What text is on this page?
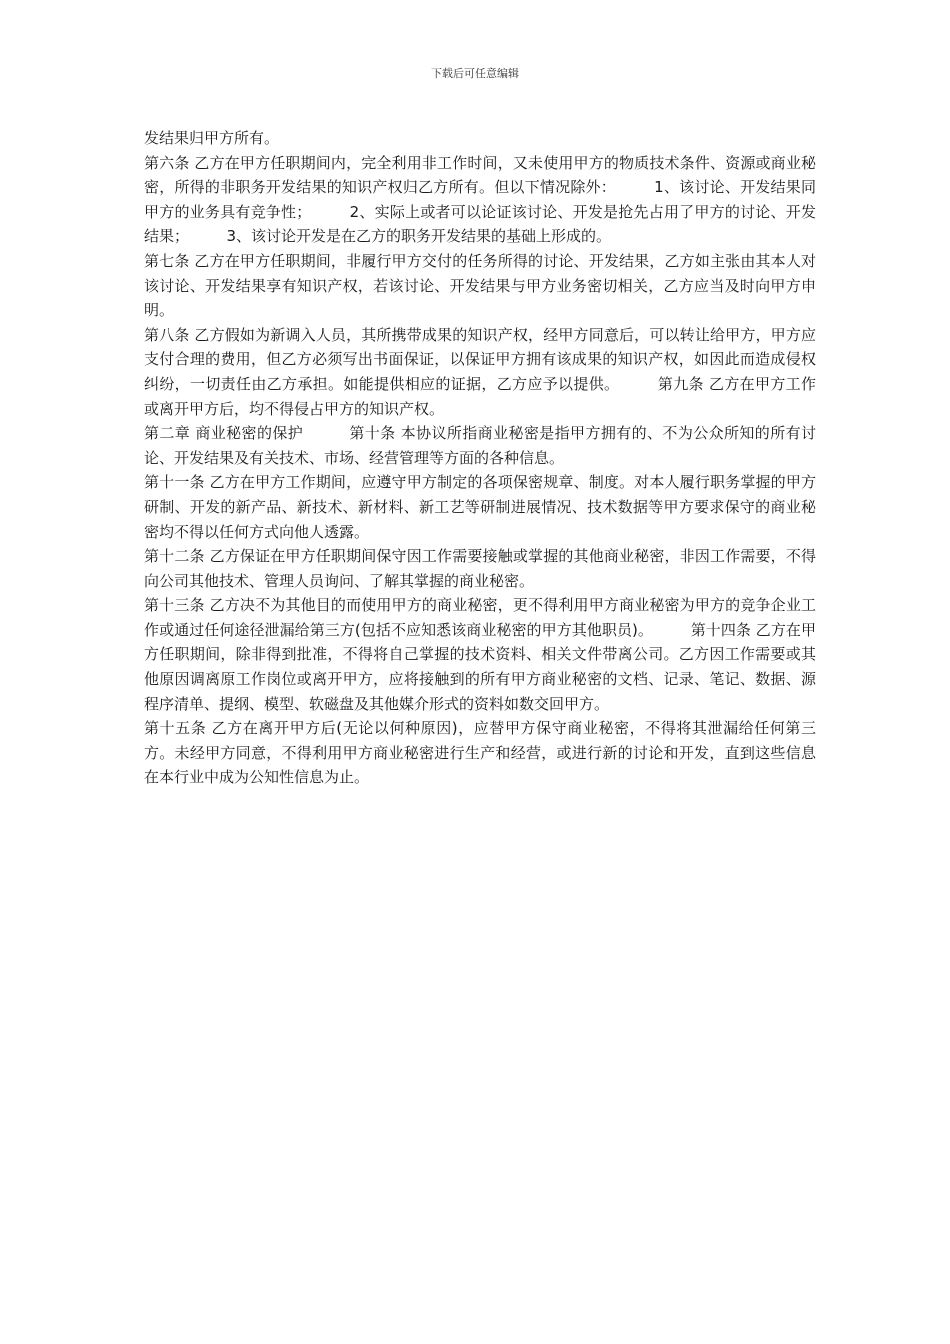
下载后可任意编辑

发结果归甲方所有。

第六条 乙方在甲方任职期间内，完全利用非工作时间，又未使用甲方的物质技术条件、资源或商业秘密，所得的非职务开发结果的知识产权归乙方所有。但以下情况除外：　　　1、该讨论、开发结果同甲方的业务具有竞争性；　　　2、实际上或者可以论证该讨论、开发是抢先占用了甲方的讨论、开发结果；　　　3、该讨论开发是在乙方的职务开发结果的基础上形成的。

第七条 乙方在甲方任职期间，非履行甲方交付的任务所得的讨论、开发结果，乙方如主张由其本人对该讨论、开发结果享有知识产权，若该讨论、开发结果与甲方业务密切相关，乙方应当及时向甲方申明。

第八条 乙方假如为新调入人员，其所携带成果的知识产权，经甲方同意后，可以转让给甲方，甲方应支付合理的费用，但乙方必须写出书面保证，以保证甲方拥有该成果的知识产权，如因此而造成侵权纠纷，一切责任由乙方承担。如能提供相应的证据，乙方应予以提供。　　　第九条 乙方在甲方工作或离开甲方后，均不得侵占甲方的知识产权。

第二章 商业秘密的保护　　　第十条 本协议所指商业秘密是指甲方拥有的、不为公众所知的所有讨论、开发结果及有关技术、市场、经营管理等方面的各种信息。

第十一条 乙方在甲方工作期间，应遵守甲方制定的各项保密规章、制度。对本人履行职务掌握的甲方研制、开发的新产品、新技术、新材料、新工艺等研制进展情况、技术数据等甲方要求保守的商业秘密均不得以任何方式向他人透露。

第十二条 乙方保证在甲方任职期间保守因工作需要接触或掌握的其他商业秘密，非因工作需要，不得向公司其他技术、管理人员询问、了解其掌握的商业秘密。

第十三条 乙方决不为其他目的而使用甲方的商业秘密，更不得利用甲方商业秘密为甲方的竞争企业工作或通过任何途径泄漏给第三方(包括不应知悉该商业秘密的甲方其他职员)。　　　第十四条 乙方在甲方任职期间，除非得到批准，不得将自己掌握的技术资料、相关文件带离公司。乙方因工作需要或其他原因调离原工作岗位或离开甲方，应将接触到的所有甲方商业秘密的文档、记录、笔记、数据、源程序清单、提纲、模型、软磁盘及其他媒介形式的资料如数交回甲方。

第十五条 乙方在离开甲方后(无论以何种原因)，应替甲方保守商业秘密，不得将其泄漏给任何第三方。未经甲方同意，不得利用甲方商业秘密进行生产和经营，或进行新的讨论和开发，直到这些信息在本行业中成为公知性信息为止。
